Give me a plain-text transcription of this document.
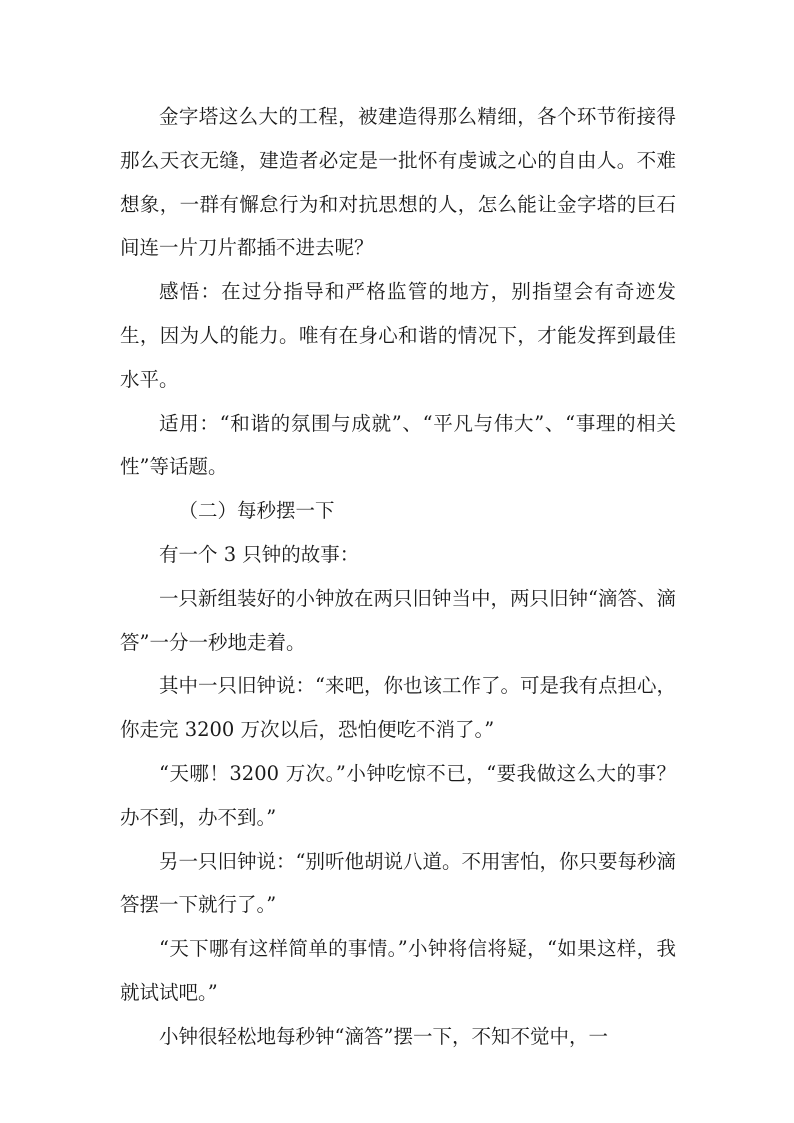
金字塔这么大的工程，被建造得那么精细，各个环节衔接得那么天衣无缝，建造者必定是一批怀有虔诚之心的自由人。不难想象，一群有懈怠行为和对抗思想的人，怎么能让金字塔的巨石间连一片刀片都插不进去呢？

感悟：在过分指导和严格监管的地方，别指望会有奇迹发生，因为人的能力。唯有在身心和谐的情况下，才能发挥到最佳水平。

适用：“和谐的氛围与成就”、“平凡与伟大”、“事理的相关性”等话题。

（二）每秒摆一下

有一个 3 只钟的故事：

一只新组装好的小钟放在两只旧钟当中，两只旧钟“滴答、滴答”一分一秒地走着。

其中一只旧钟说：“来吧，你也该工作了。可是我有点担心，你走完 3200 万次以后，恐怕便吃不消了。”

“天哪！3200 万次。”小钟吃惊不已，“要我做这么大的事？办不到，办不到。”

另一只旧钟说：“别听他胡说八道。不用害怕，你只要每秒滴答摆一下就行了。”

“天下哪有这样简单的事情。”小钟将信将疑，“如果这样，我就试试吧。”

小钟很轻松地每秒钟“滴答”摆一下，不知不觉中，一
